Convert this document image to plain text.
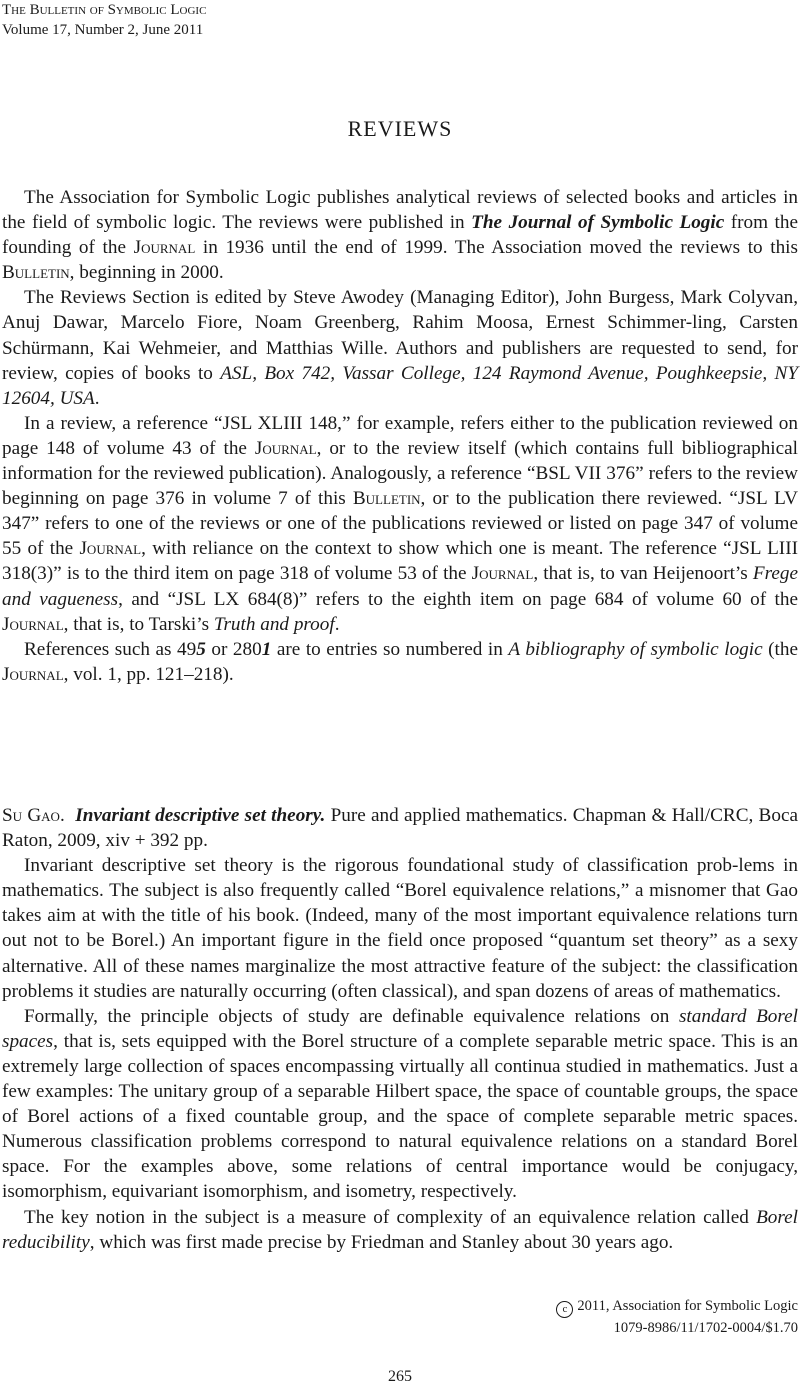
The Bulletin of Symbolic Logic
Volume 17, Number 2, June 2011
REVIEWS

The Association for Symbolic Logic publishes analytical reviews of selected books and articles in the field of symbolic logic. The reviews were published in The Journal of Symbolic Logic from the founding of the Journal in 1936 until the end of 1999. The Association moved the reviews to this Bulletin, beginning in 2000.

The Reviews Section is edited by Steve Awodey (Managing Editor), John Burgess, Mark Colyvan, Anuj Dawar, Marcelo Fiore, Noam Greenberg, Rahim Moosa, Ernest Schimmer-ling, Carsten Schürmann, Kai Wehmeier, and Matthias Wille. Authors and publishers are requested to send, for review, copies of books to ASL, Box 742, Vassar College, 124 Raymond Avenue, Poughkeepsie, NY 12604, USA.

In a review, a reference “JSL XLIII 148,” for example, refers either to the publication reviewed on page 148 of volume 43 of the Journal, or to the review itself (which contains full bibliographical information for the reviewed publication). Analogously, a reference “BSL VII 376” refers to the review beginning on page 376 in volume 7 of this Bulletin, or to the publication there reviewed. “JSL LV 347” refers to one of the reviews or one of the publications reviewed or listed on page 347 of volume 55 of the Journal, with reliance on the context to show which one is meant. The reference “JSL LIII 318(3)” is to the third item on page 318 of volume 53 of the Journal, that is, to van Heijenoort’s Frege and vagueness, and “JSL LX 684(8)” refers to the eighth item on page 684 of volume 60 of the Journal, that is, to Tarski’s Truth and proof.

References such as 495 or 2801 are to entries so numbered in A bibliography of symbolic logic (the Journal, vol. 1, pp. 121–218).

Su Gao. Invariant descriptive set theory. Pure and applied mathematics. Chapman & Hall/CRC, Boca Raton, 2009, xiv + 392 pp.

Invariant descriptive set theory is the rigorous foundational study of classification prob-lems in mathematics. The subject is also frequently called “Borel equivalence relations,” a misnomer that Gao takes aim at with the title of his book. (Indeed, many of the most important equivalence relations turn out not to be Borel.) An important figure in the field once proposed “quantum set theory” as a sexy alternative. All of these names marginalize the most attractive feature of the subject: the classification problems it studies are naturally occurring (often classical), and span dozens of areas of mathematics.

Formally, the principle objects of study are definable equivalence relations on standard Borel spaces, that is, sets equipped with the Borel structure of a complete separable metric space. This is an extremely large collection of spaces encompassing virtually all continua studied in mathematics. Just a few examples: The unitary group of a separable Hilbert space, the space of countable groups, the space of Borel actions of a fixed countable group, and the space of complete separable metric spaces. Numerous classification problems correspond to natural equivalence relations on a standard Borel space. For the examples above, some relations of central importance would be conjugacy, isomorphism, equivariant isomorphism, and isometry, respectively.

The key notion in the subject is a measure of complexity of an equivalence relation called Borel reducibility, which was first made precise by Friedman and Stanley about 30 years ago.

c 2011, Association for Symbolic Logic
1079-8986/11/1702-0004/$1.70
265
